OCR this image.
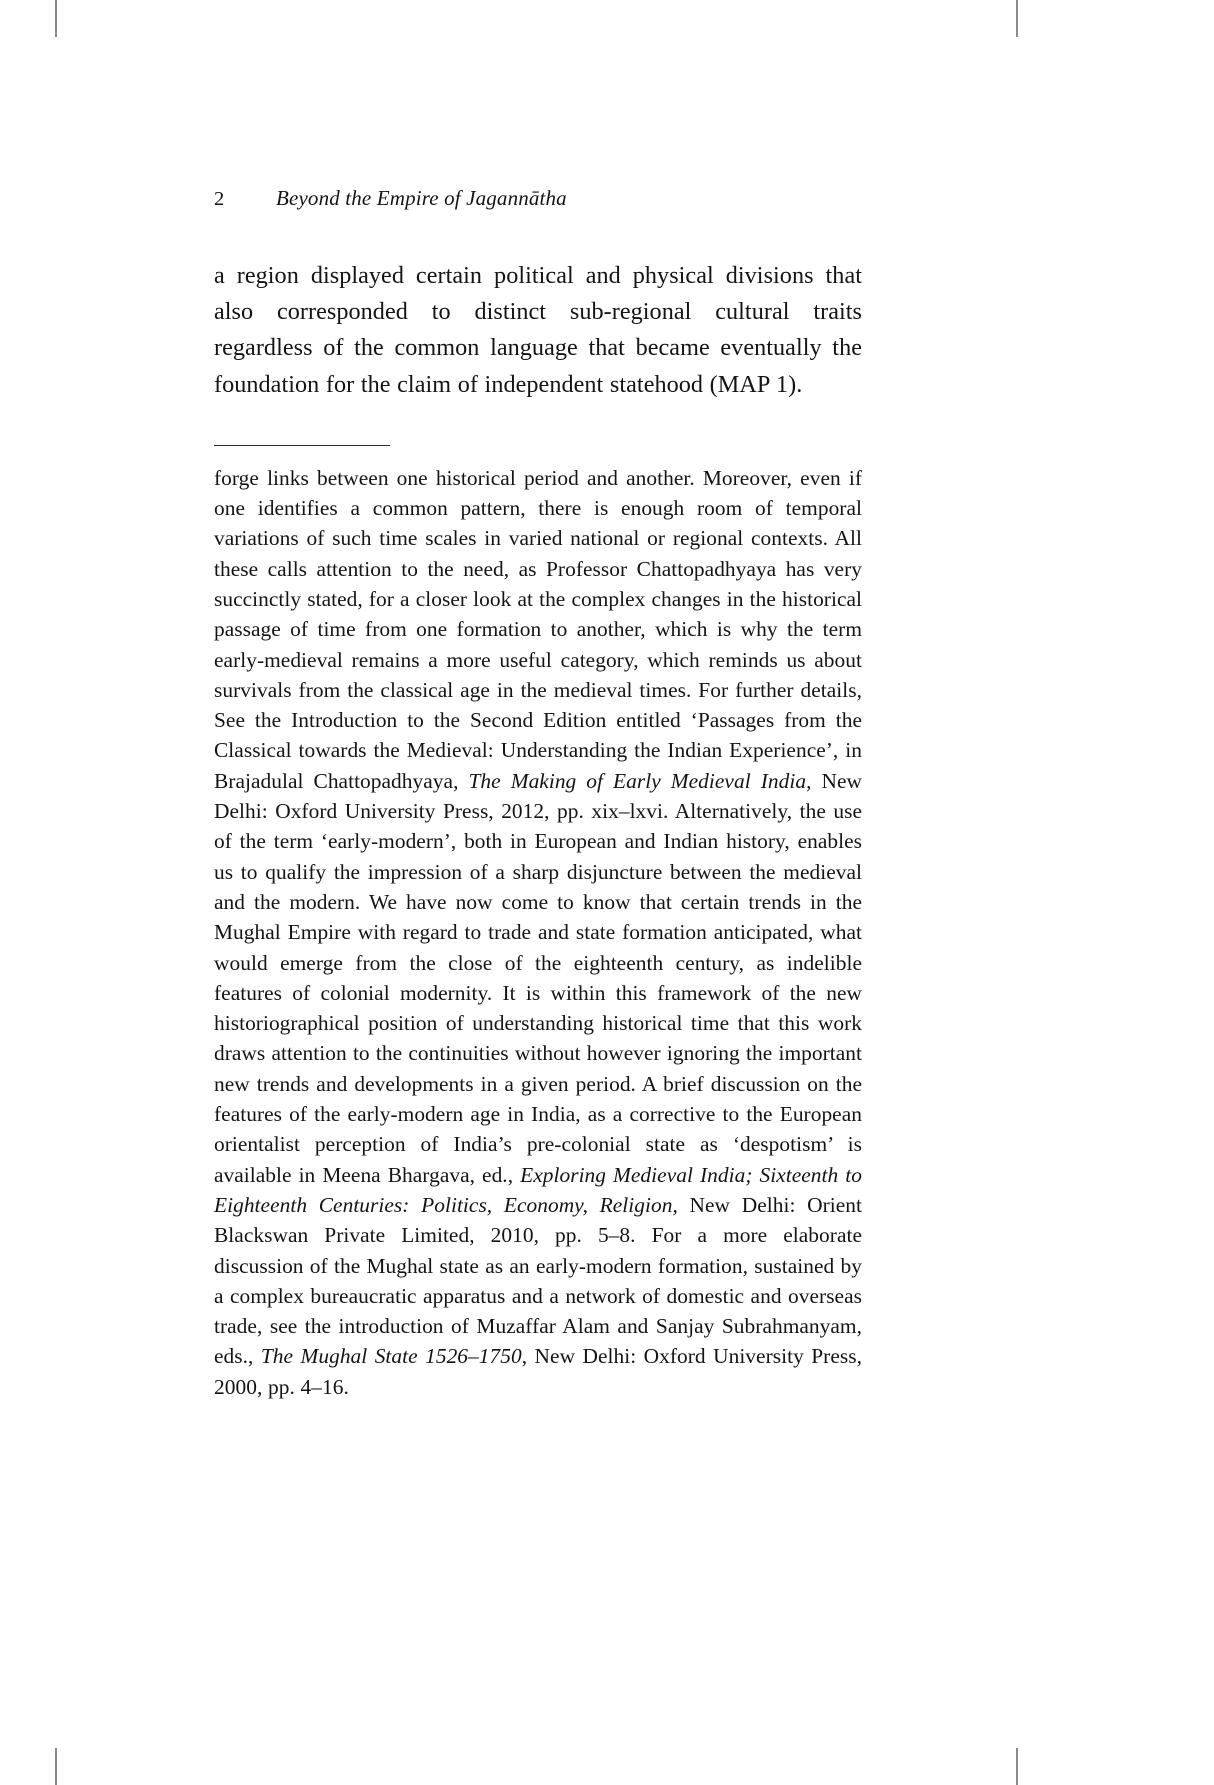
2	Beyond the Empire of Jagannātha

a region displayed certain political and physical divisions that also corresponded to distinct sub-regional cultural traits regardless of the common language that became eventually the foundation for the claim of independent statehood (MAP 1).

forge links between one historical period and another. Moreover, even if one identifies a common pattern, there is enough room of temporal variations of such time scales in varied national or regional contexts. All these calls attention to the need, as Professor Chattopadhyaya has very succinctly stated, for a closer look at the complex changes in the historical passage of time from one formation to another, which is why the term early-medieval remains a more useful category, which reminds us about survivals from the classical age in the medieval times. For further details, See the Introduction to the Second Edition entitled ‘Passages from the Classical towards the Medieval: Understanding the Indian Experience’, in Brajadulal Chattopadhyaya, The Making of Early Medieval India, New Delhi: Oxford University Press, 2012, pp. xix–lxvi. Alternatively, the use of the term ‘early-modern’, both in European and Indian history, enables us to qualify the impression of a sharp disjuncture between the medieval and the modern. We have now come to know that certain trends in the Mughal Empire with regard to trade and state formation anticipated, what would emerge from the close of the eighteenth century, as indelible features of colonial modernity. It is within this framework of the new historiographical position of understanding historical time that this work draws attention to the continuities without however ignoring the important new trends and developments in a given period. A brief discussion on the features of the early-modern age in India, as a corrective to the European orientalist perception of India’s pre-colonial state as ‘despotism’ is available in Meena Bhargava, ed., Exploring Medieval India; Sixteenth to Eighteenth Centuries: Politics, Economy, Religion, New Delhi: Orient Blackswan Private Limited, 2010, pp. 5–8. For a more elaborate discussion of the Mughal state as an early-modern formation, sustained by a complex bureaucratic apparatus and a network of domestic and overseas trade, see the introduction of Muzaffar Alam and Sanjay Subrahmanyam, eds., The Mughal State 1526–1750, New Delhi: Oxford University Press, 2000, pp. 4–16.
